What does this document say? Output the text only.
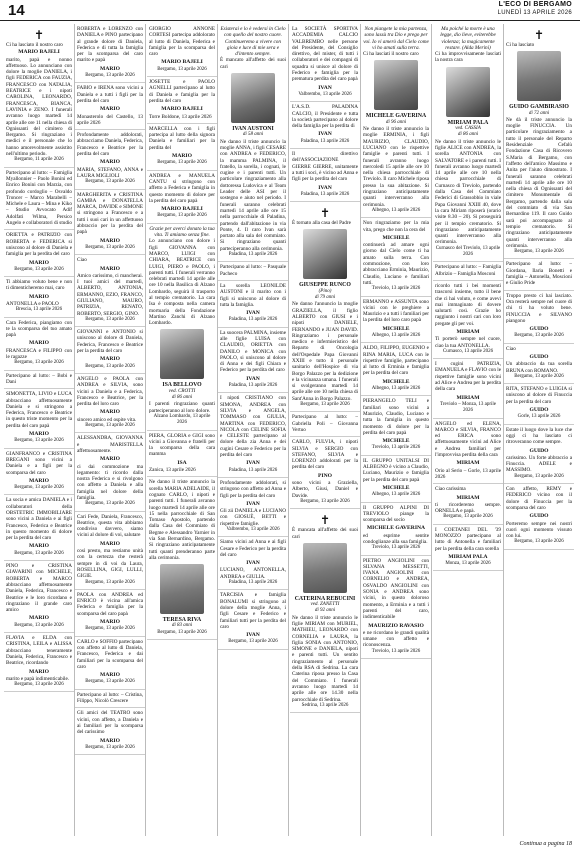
14	L'ECO DI BERGAMO
LUNEDÌ 13 APRILE 2026
✝
Ci ha lasciato il nostro caro
MARIO BAJELI
marito, papà e nonno affettuoso. Lo annunciano con dolore la moglie DANIELA, i figli FEDERICA con FAUZIA, FRANCESCO con NATALIA, BEATRICE e i nipoti CAROLINA, LEONARDO, FRANCESCA, BIANCA, LAVINIA e ZENO. I funerali avranno luogo martedì 14 aprile alle ore 11 nella chiesa di Ognissanti del cimitero di Bergamo. Si ringraziano i medici e il personale che lo hanno amorevolmente assistito nell'ultimo periodo.
Bergamo, 11 aprile 2026
Partecipano al lutto: – Famiglia Myallonnier – Paolo Bonini ed Enrico Bonini con Marzia, con profondo cordoglio – Osvaldo Troncer – Marco Marabelli – Michele e Laura – Mina e Kiko – Studio Avvocato Adif Adolfati Wilma, Persico Angelo e collaboratori di studio
ORIETTA e PATRIZIO con ROBERTA e FEDERICA si uniscono al dolore di Daniela e famiglia per la perdita del caro
MARIO
Bergamo, 13 aprile 2026
Ti abbiamo voluto bene e non ti dimenticheremo mai, caro
MARIO
ANTONELLA e PAOLO
Brescia, 13 aprile 2026
Cara Federica, piangiamo con te la scomparsa del tuo amato papà
MARIO
FRANCESCA e FILIPPO con le ragazze
Bergamo, 13 aprile 2026
Partecipano al lutto: – Bobi e Dani
SIMONETTA, LIVIO e LUCA abbracciano affettuosamente Daniela e si stringono a Federica, Francesco e Beatrice in questo triste momento per la perdita del caro papà
MARIO
Bergamo, 13 aprile 2026
GIANFRANCO e CRISTINA BREGANI sono vicini a Daniela e a figli per la scomparsa del caro
MARIO
Bergamo, 13 aprile 2026
La socia e amica DANIELA e i collaboratori della OBSTETRIC IMMOBILIARE sono vicini a Daniela e ai figli Francesco, Federica e Beatrice in questo momento di dolore per la perdita del caro
MARIO
Bergamo, 13 aprile 2026
PINO e CRISTINA GIAVARINI con MICHELE, ROBERTA e MARCO abbracciano affettuosamente Daniela, Federica, Francesco e Beatrice e le loro ricordano e ringraziano il grande caro amico
MARIO
Bergamo, 13 aprile 2026
FLAVIA e ELDA con CRISTINA, LEILA e ALISSA abbracciano teneramente Daniela, Federica, Francesco e Beatrice, ricordando
MARIO
marito e papà indimenticabile.
Bergamo, 13 aprile 2026
ROBERTA e LORENZO con DANIELA e PINO partecipano al grande dolore di Daniela, Federica e di tutta la famiglia per la scomparsa del caro marito e papà
MARIO
Bergamo, 13 aprile 2026
FABIO e IRENA sono vicini a Daniela e a tutti i figli per la perdita del caro
MARIO
Monasterolo del Castello, 13 aprile 2026
Profondamente addolorati, abbracciamo Daniela, Federica, Francesco e Beatrice per la perdita del caro
MARIO
MARIA, STEFANO, ANNA e LAURA MIGLIOLI
Bergamo, 13 aprile 2026
MARGHERITA e CRISTINA GAMBA e DONATELLA MARCA, DAVIDE e SIMONE si stringono a Francesco e a tutti i suoi cari in un affettuoso abbraccio per la perdita del papà
MARIO
Bergamo, 13 aprile 2026
Ciao
MARIO
Amico carissimo, ci mancherai. I tuoi amici del martedì, ALBERTO, ANTONIA, ERMANNO, EZIO, FRANCO, GIULIANO, MAURO, PATRIZIA, RENATO, ROBERTO, SERGIO, GINO.
Bergamo, 13 aprile 2026
GIOVANNI e ANTONIO si uniscono al dolore di Daniela, Federica, Francesco e Beatrice per la perdita del caro
MARIO
Bergamo, 13 aprile 2026
ANGELO e PAOLA con ANDREA e SILVIA, sono vicini a Daniela e a Federica, Francesco e Beatrice, per la perdita del loro caro
MARIO
sincero amico ed ospite vita.
Bergamo, 13 aprile 2026
ALESSANDRA, GIOVANNA e MARISTELLA affettuosamente.
MARIO
ci dai commozione ma legamento: ti ricordo dalla nostra Federica e si rivolgono con affetto a Daniela e alla famiglia nel dolore della famiglia.
Bergamo, 13 aprile 2026
Cari Fede, Daniela, Francesco, Beatrice, questa vita abbiamo condiviso davvero, siamo vicini al dolore di voi, salutare
MARIO
così presto, ma restiamo unità con la certezza che resterà sempre in di voi da Laura, ROSELLINA, GIGI, LULLI, GIGIE.
Bergamo, 13 aprile 2026
PAOLA con ANDREA ed ENRICO è vicina all'amica Federica e famiglia per la scomparsa del caro papà
MARIO
Bergamo, 13 aprile 2026
CARLO e SOFFIO partecipano con affetto al lutto di Daniela, Francesco, Federica e dai familiari per la scomparsa del caro
MARIO
Bergamo, 13 aprile 2026
Partecipano al lutto: – Cristina, Filippo, Nicolò Crescere
Gli amici del TEATRO sono vicini, con affetto, a Daniela e ai familiari per la scomparsa del carissimo
MARIO
Bergamo, 13 aprile 2026
GIORGIO ANNONE CORTESI partecipa addolorato al lutto di Daniela, Federica e famiglia per la scomparsa del caro
MARIO BAJELI
Bergamo, 13 aprile 2026
JOSETTE e PAOLO AGNELLI partecipano al lutto di Daniela e famiglia per la perdita del caro
MARIO BAJELI
Torre Boldone, 13 aprile 2026
MARCELLA con i figli partecipa al lutto della signora Daniela e familiari per la perdita del
MARIO
Bergamo, 13 aprile 2026
ANDREA e MANUELA CANTU si stringono con affetto a Federica e famiglia in questo momento di dolore per la perdita del caro papà
MARIO BAJELI
Bergamo, 13 aprile 2026
Grazie per averci donato la tua vita. Ti amiamo senza fine.
Lo annunciano con dolore i figli GIOVANNA con MARCO, LUIGI con CHIARA, BEATRICE con LUIGI, PIERO e PAOLO, i parenti tutti. I funerali verranno celebrati martedì 14 aprile alle ore 10 nella Basilica di Alzano Lombardo, seguirà il trasporto al tempio crematorio. La cara Isa è composta nella camera mortuaria della Fondazione Martino Zanchi di Alzano Lombardo.
ISA BELLOVO
ved. CROTTI
di 86 anni
I parenti ringraziano quanti parteciperanno al loro dolore.
Alzano Lombardo, 13 aprile 2026
PIERA, GLORIA e GIGI sono vicini a Giovanna e fratelli per la scomparsa della cara mamma
ISA
Zanica, 13 aprile 2026
Ne danno il triste annuncio la sorella MARIA ADELAIDE, il cognato CARLO, i nipoti e parenti tutti. I funerali avranno luogo martedì 14 aprile alle ore 15 nella parrocchiale di San Tomaso Apostolo, partendo dalla Casa del Commiato di Begme e Alessandro Yarnier in via San Bernardino, Bergamo. Si ringraziano anticipatamente tutti quanti prenderanno parte alla cerimonia.
TERESA RIVA
di 83 anni
Bergamo, 13 aprile 2026
Esisterai e lo è vedersi in Cielo con quello del nostro cuore. Continueremo a vivere con gioia e luce di mie sera e d'intento sempre.
È mancato all'affetto dei suoi cari
IVAN AUSTONI
di 58 anni
Ne danno il triste annuncio la moglie ANNA, i figli CESARE con ANDREA e FEDERICO, la mamma PALMINA, il fratello, la sorella, i cognati, le cugine e i parenti tutti. Un particolare ringraziamento alla dottoressa Ludovica e al Team Leader delle ASI per il sostegno e aiuto nel periodo. I funerali saranno celebrati martedì 14 aprile alle ore 15 nella parrocchiale di Paladina, partendo dall'abitazione in via Ponte, 4. Il caro Ivan sarà portato alla sala del commiato. Si ringraziano quanti parteciperanno alla cerimonia.
Paladina, 13 aprile 2026
Partecipano al lutto: – Pasquale Pacheco
La sorella LEONILDE AUSTONI e il marito con i figli si uniscono al dolore di tutta la famiglia.
IVAN
Paladina, 13 aprile 2026
La suocera PALMINA, insieme alle figlie LUISA con CLAUDIO, ORIETTA con DANILO e MONICA con PAOLO, si uniscono al dolore di Anna e dei figli Chiara e Federico per la perdita del caro
IVAN
Paladina, 13 aprile 2026
I nipoti CRISTIANO con SIMONA, ANDREA con SILVIA e ANGELA, TOMMASO con GIULIA, MARTINA con FEDERICO, NICOLA con CELINE SOFIA e CELESTE partecipano al dolore della zia Anna e dei cugini Cesare e Federico per la perdita del caro
IVAN
Paladina, 13 aprile 2026
Profondamente addolorati, si stringono con affetto ad Anna e figli per la perdita del caro
IVAN
Gli zii DANIELA e LUCIANO con GIOSUÈ, BETTI e rispettive famiglie.
Valbrembo, 13 aprile 2026
Siamo vicini ad Anna e ai figli Cesare e Federico per la perdita del caro
IVAN
LUCIANO, ANTONELLA, ANDREA e GIULIA.
Paladina, 13 aprile 2026
TARCISIA e famiglia BONALUMI si stringono al dolore della moglie Anna, i figli Cesare e Federico e familiari tutti per la perdita del caro
IVAN
Bergamo, 13 aprile 2026
La SOCIETÀ SPORTIVA ACCADEMIA CALCIO VALBREMBO nelle persone del Presidente, del Consiglio direttivo, del mister, di tutti i collaboratori e dei compagni di squadra si unisce al dolore di Federico e famiglia per la prematura perdita del caro papà
IVAN
Valbrembo, 13 aprile 2026
L'A.S.D. PALADINA CALCIO, il Presidente e tutta la società partecipano al dolore della famiglia per la perdita di
IVAN
Paladina, 13 aprile 2026
Il direttivo dell'ASSOCIAZIONE GIERRE GIERRE, unitamente a tutti i soci, è vicino ad Anna e figli per la perdita del caro
IVAN
Paladina, 13 aprile 2026
✝
È tornato alla casa del Padre
GIUSEPPE RUNCO
(Pino)
di 79 anni
Ne danno l'annuncio la moglie GRAZIELLA, il figlio ALBERTO con GIUSI e i nipoti DANIELE, FERNANDO e JUAN DAVID. Ringraziamo i personale medico e infermieristico del Reparto di Oncologia dell'Ospedale Papa Giovanni XXIII e tutto il personale sanitario dell'Hospice di via Borgo Palazzo per la dedizione e la vicinanza umana. I funerali si svolgeranno martedì 14 aprile alle ore 10 nella chiesa di Sant'Anna in Borgo Palazzo.
Bergamo, 13 aprile 2026
Partecipano al lutto: – Gabriella Poli – Giovanna Vertuo
CARLO, FULVIA, i nipoti SILVIA e SERGIO con STEFANO, SILVIA e LORENZO addolorati per la perdita del caro
PINO
sono vicini a Graziella, Alberto, Giusi, Daniel e Davide.
Bergamo, 13 aprile 2026
✝
È mancata all'affetto dei suoi cari
CATERINA REBUCINI
ved. ZANETTI
di 92 anni
Ne danno il triste annuncio le figlie MIRIAM con MURIEL, MATHIEU, LEONARDO con CORNELIA e LAURA, la figlia SONIA con ANTONIO, SIMONE e DANIELA, nipoti e parenti tutti. Un sentito ringraziamento al personale della RSA di Sedrina. La cara Caterina riposa presso la Casa del Commiato. I funerali avranno luogo martedì 14 aprile alle ore 14.30 nella parrocchiale di Sedrina.
Sedrina, 13 aprile 2026
Non piangete la mia partenza, sono lassù tra Dio e prego per voi. Io vi amerò dal Cielo come vi ho amati sulla terra.
Ci ha lasciati il nostro caro
MICHELE GAVERINA
di 96 anni
Ne danno il triste annuncio la moglie ERMINIA, i figli MAURIZIO, CLAUDIO, LUCIANO con le rispettive famiglie e parenti tutti. I funerali avranno luogo mercoledì 15 aprile alle ore 10 nella chiesa parrocchiale di Treviolo. Il caro Michele riposa presso la sua abitazione. Si ringraziano anticipatamente quanti interverranno alla cerimonia.
Albegno, 13 aprile 2026
Non ringraziamo per la mia vita, prego che non la cera del
MICHELE
continuerà ad amare ogni giorno dal Cielo come ti ha amato sulla terra. Con commozione, con loro abbracciano Erminia, Maurizio, Claudio, Luciano e familiari tutti.
Treviolo, 13 aprile 2026
ERMANNO e ASSUNTA sono vicini con le preghiere a Maurizio e a tutti i familiari per la perdita del loro caro papà
MICHELE
Albegno, 13 aprile 2026
ALDO, FILIPPO, EUGENIO e RINA MARIA, LUCA con le rispettive famiglie, partecipano al lutto di Erminia e famiglia per la perdita del caro
MICHELE
Albegno, 13 aprile 2026
PIERANGELO TELI e familiari sono vicini a Maurizio, Claudio, Luciano e tutta la famiglia in questo momento di dolore per la perdita del caro papà
MICHELE
Treviolo, 13 aprile 2026
IL GRUPPO UNITALSI DI ALBEGNO è vicino a Claudio, Luciano, Maurizio e famiglia per la perdita del caro papà
MICHELE
Albegno, 13 aprile 2026
Il GRUPPO ALPINI DI TREVIOLO piange la scomparsa del socio
MICHELE GAVERINA
ed esprime sentite condoglianze alla sua famiglia.
Treviolo, 13 aprile 2026
PIETRO ANGIOLINI con SILVANA MESSETTI, IVANA ANGIOLINI con CORNELIO e ANDREA, OSVALDO ANGIOLINI con SONIA e ANDREA sono vicini, in questo doloroso momento, a Erminia e a tutti i parenti del caro, indimenticabile
MAURIZIO RAVASIO
e ne ricordano le grandi qualità umane con affetto e riconoscenza.
Treviolo, 13 aprile 2026
Ma poiché la morte è una legge, dio lieve, eviterebbe violenza; la magicamente restare. (Alda Merini)
Ci ha improvvisamente lasciati la nostra cara
MIRIAM PALA
ved. CASSIA
di 86 anni
Ne danno il triste annuncio le figlie ALICE con ANDREA, la sorella ANTONIA con SALVATORE e i parenti tutti. I funerali avranno luogo martedì 14 aprile alle ore 10 nella chiesa parrocchiale di Curnasco di Treviolo, partendo dalla Casa del Commiato Federici di Grassobbio in viale Papa Giovanni XXIII 40, dove la cara Miriam riposerà (orario visite 8.30 – 20). Si proseguirà per il tempio crematorio. Si ringraziano anticipatamente quanti interverranno alla cerimonia.
Curnasco del Treviolo, 13 aprile 2026
Partecipano al lutto: – Famiglia Albrizio – Famiglia Mosconi
ricordo tutti i bei momenti trascorsi insieme, tutto il bene che ci hai voluto, e come avevi mai immaginato di dovere salutarti così. Grazie ho raggiunto i nostri cari con loro pregate gli per voi.
MIRIAM
Ti porterò sempre nel cuore, ciao la tua ANTONELLA.
Curnasco, 13 aprile 2026
I cugini PATRIZIA, EMANUELA e FLAVIO con le rispettive famiglie sono vicini ad Alice e Andrea per la perdita della cara
MIRIAM
Treviolo – Monza, 13 aprile 2026
ANGELO ed ELENA, MARCO e SILVIA, FRANCO ed ERICA sono affettuosamente vicini ad Alice e Andrea familiari per l'improvvisa perdita della cara
MIRIAM
Orio al Serio – Gorle, 13 aprile 2026
Ciao carissima
MIRIAM
ti ricorderemo sempre. ORNELLA e papà.
Bergamo, 13 aprile 2026
I COETANEI DEL '39 MONOZZO partecipano al lutto di Antonella e familiari per la perdita della cara sorella
MIRIAM PALA
Monza, 13 aprile 2026
✝
Ci ha lasciato
GUIDO GAMBIRASIO
di 72 anni
Ne dà il triste annuncio la moglie FINUCCIA. Un particolare ringraziamento a tutto il personale del Reparto Residenziale Cefalù Fondazione Casa di Ricovero S.Maria di Bergamo, con l'affetto dell'amico Massimo e Anita per l'aiuto dimostrato. I funerali saranno celebrati martedì 14 aprile alle ore 10 nella chiesa di Ognissanti del cimitero Monumentale di Bergamo, partendo dalla sala del commiato di via San Bernardino 119. Il caro Guido sarà poi accompagnato al tempio crematorio. Si ringraziano anticipatamente quanti interverranno alla cerimonia.
Bergamo, 13 aprile 2026
Partecipano al lutto: – Giordana, Ilaria Bonetti e famiglia – Antonella, Moscioni e Giulio Pride
Troppo presto ci hai lasciato. Ora resterà sempre nel cuore di chi ti ha voluto bene. FINUCCIA e SILVANO piangono
GUIDO
Bergamo, 13 aprile 2026
Ciao
GUIDO
Un abbraccio da tua sorella BRUNA con ROMANO.
Bergamo, 13 aprile 2026
RITA, STEFANO e LUIGIA si uniscono al dolore di Finuccia per la perdita del caro
GUIDO
Gorle, 13 aprile 2026
Estate il luogo dove la luce che oggi ci ha lasciato ci ritroveranno come sempre.
GUIDO
carissimo. Un forte abbraccio a Finuccia. ADELE e MASSIMO.
Bergamo, 13 aprile 2026
Con affetto, REMY e FEDERICO vicino con il dolore di Finuccia per la scomparsa del caro
GUIDO
Porteremo sempre nei nostri cuori ogni momento vissuto con lui.
Bergamo, 13 aprile 2026
Continua a pagina 18
